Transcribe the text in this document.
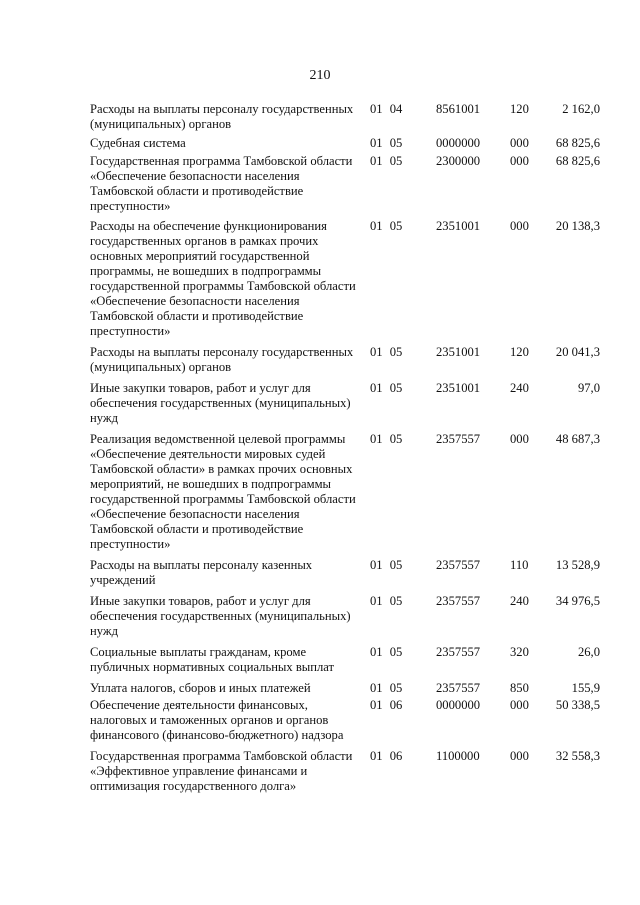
210
Расходы на выплаты персоналу государственных (муниципальных) органов
01 04	8561001	120	2 162,0
Судебная система	01 05	0000000	000	68 825,6
Государственная программа Тамбовской области «Обеспечение безопасности населения Тамбовской области и противодействие преступности»
01 05	2300000	000	68 825,6
Расходы на обеспечение функционирования государственных органов в рамках прочих основных мероприятий государственной программы, не вошедших в подпрограммы государственной программы Тамбовской области «Обеспечение безопасности населения Тамбовской области и противодействие преступности»
01 05	2351001	000	20 138,3
Расходы на выплаты персоналу государственных (муниципальных) органов
01 05	2351001	120	20 041,3
Иные закупки товаров, работ и услуг для обеспечения государственных (муниципальных) нужд
01 05	2351001	240	97,0
Реализация ведомственной целевой программы «Обеспечение деятельности мировых судей Тамбовской области» в рамках прочих основных мероприятий, не вошедших в подпрограммы государственной программы Тамбовской области «Обеспечение безопасности населения Тамбовской области и противодействие преступности»
01 05	2357557	000	48 687,3
Расходы на выплаты персоналу казенных учреждений
01 05	2357557	110	13 528,9
Иные закупки товаров, работ и услуг для обеспечения государственных (муниципальных) нужд
01 05	2357557	240	34 976,5
Социальные выплаты гражданам, кроме публичных нормативных социальных выплат
01 05	2357557	320	26,0
Уплата налогов, сборов и иных платежей	01 05	2357557	850	155,9
Обеспечение деятельности финансовых, налоговых и таможенных органов и органов финансового (финансово-бюджетного) надзора
01 06	0000000	000	50 338,5
Государственная программа Тамбовской области «Эффективное управление финансами и оптимизация государственного долга»
01 06	1100000	000	32 558,3
